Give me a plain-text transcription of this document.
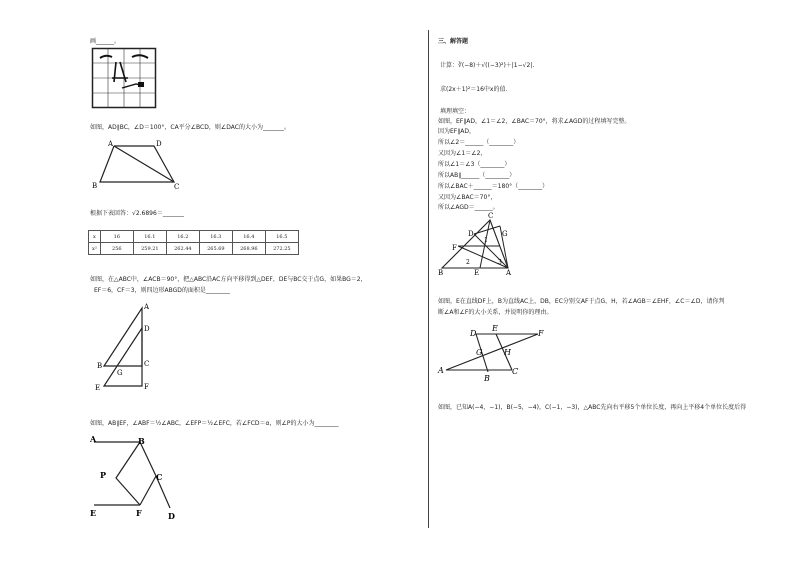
画______。
如图，AD∥BC，∠D＝100°，CA平分∠BCD，则∠DAC的大小为_______。
A	D
B	C
根据下表回答：√2.6896＝_______
x	16	16.1	16.2	16.3	16.4	16.5
x²	256	259.21	262.44	265.69	268.96	272.25
如图，在△ABC中，∠ACB＝90°，把△ABC沿AC方向平移得到△DEF，DE与BC交于点G，如果BG＝2，
EF＝6，CF＝3，则四边形ABGD的面积是________
A
D
B
G
C
E	F
如图，AB∥EF，∠ABF＝½∠ABC，∠EFP＝½∠EFC，若∠FCD＝α，则∠P的大小为________
A	B
P	C
E	F	D
三、解答题
计算：∛(−8)＋√((−3)²)＋|1−√2|.
求(2x＋1)²＝16中x的值．
填理填空：
如图，EF∥AD，∠1＝∠2，∠BAC＝70°，将求∠AGD的过程填写完整。
因为EF∥AD，
所以∠2＝______（________）
又因为∠1＝∠2，
所以∠1＝∠3（________）
所以AB∥______（________）
所以∠BAC＋______＝180°（________）
又因为∠BAC＝70°，
所以∠AGD＝______。
C
D	G
F
1
2	3
B	E	A
如图，E在直线DF上，B为直线AC上，DB，EC分别交AF于点G，H，若∠AGB＝∠EHF，∠C＝∠D，请你判
断∠A和∠F的大小关系，并说明你的理由。
D
E
F
G	H
A
B
C
如图，已知A(−4，−1)，B(−5，−4)，C(−1，−3)，△ABC先向右平移5个单位长度，再向上平移4个单位长度后得
